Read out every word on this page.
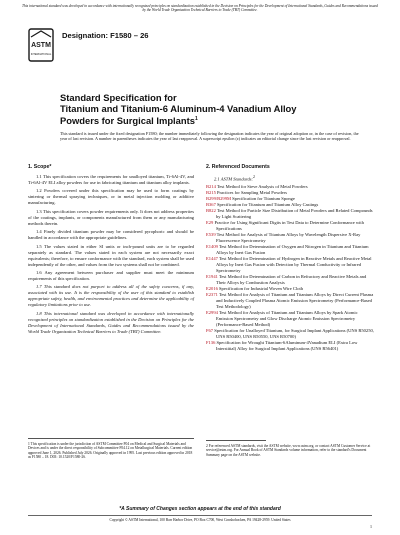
This international standard was developed in accordance with internationally recognized principles on standardization established in the Decision on Principles for the Development of International Standards, Guides and Recommendations issued by the World Trade Organization Technical Barriers to Trade (TBT) Committee.
ASTM
INTERNATIONAL
Designation: F1580 – 26
Standard Specification for
Titanium and Titanium-6 Aluminum-4 Vanadium Alloy
Powders for Surgical Implants$^1$
This standard is issued under the fixed designation F1580; the number immediately following the designation indicates the year of original adoption or, in the case of revision, the year of last revision. A number in parentheses indicates the year of last reapproval. A superscript epsilon (ε) indicates an editorial change since the last revision or reapproval.
1. Scope*

1.1 This specification covers the requirements for unalloyed titanium, Ti-6Al-4V, and Ti-6Al-4V ELI alloy powders for use in fabricating titanium and titanium alloy implants.

1.2 Powders covered under this specification may be used to form coatings by sintering or thermal spraying techniques, or in metal injection molding or additive manufacturing.

1.3 This specification covers powder requirements only. It does not address properties of the coatings, implants, or components manufactured from them or any manufacturing methods therein.

1.4 Finely divided titanium powder may be considered pyrophoric and should be handled in accordance with the appropriate guidelines.

1.5 The values stated in either SI units or inch-pound units are to be regarded separately as standard. The values stated in each system are not necessarily exact equivalents; therefore, to ensure conformance with the standard, each system shall be used independently of the other, and values from the two systems shall not be combined.

1.6 Any agreement between purchaser and supplier must meet the minimum requirements of this specification.

1.7 This standard does not purport to address all of the safety concerns, if any, associated with its use. It is the responsibility of the user of this standard to establish appropriate safety, health, and environmental practices and determine the applicability of regulatory limitations prior to use.

1.8 This international standard was developed in accordance with internationally recognized principles on standardization established in the Decision on Principles for the Development of International Standards, Guides and Recommendations issued by the World Trade Organization Technical Barriers to Trade (TBT) Committee.

2. Referenced Documents

2.1 ASTM Standards:$^2$

B214 Test Method for Sieve Analysis of Metal Powders

B215 Practices for Sampling Metal Powders

B299/B299M Specification for Titanium Sponge

B367 Specification for Titanium and Titanium Alloy Castings

B822 Test Method for Particle Size Distribution of Metal Powders and Related Compounds by Light Scattering

E29 Practice for Using Significant Digits in Test Data to Determine Conformance with Specifications

E539 Test Method for Analysis of Titanium Alloys by Wavelength Dispersive X-Ray Fluorescence Spectrometry

E1409 Test Method for Determination of Oxygen and Nitrogen in Titanium and Titanium Alloys by Inert Gas Fusion

E1447 Test Method for Determination of Hydrogen in Reactive Metals and Reactive Metal Alloys by Inert Gas Fusion with Detection by Thermal Conductivity or Infrared Spectrometry

E1941 Test Method for Determination of Carbon in Refractory and Reactive Metals and Their Alloys by Combustion Analysis

E2016 Specification for Industrial Woven Wire Cloth

E2371 Test Method for Analysis of Titanium and Titanium Alloys by Direct Current Plasma and Inductively Coupled Plasma Atomic Emission Spectrometry (Performance-Based Test Methodology)

E2994 Test Method for Analysis of Titanium and Titanium Alloys by Spark Atomic Emission Spectrometry and Glow Discharge Atomic Emission Spectrometry (Performance-Based Method)

F67 Specification for Unalloyed Titanium, for Surgical Implant Applications (UNS R50250, UNS R50400, UNS R50550, UNS R50700)

F136 Specification for Wrought Titanium-6Aluminum-4Vanadium ELI (Extra Low Interstitial) Alloy for Surgical Implant Applications (UNS R56401)

1 This specification is under the jurisdiction of ASTM Committee F04 on Medical and Surgical Materials and Devices and is under the direct responsibility of Subcommittee F04.12 on Metallurgical Materials. Current edition approved June 1, 2026. Published July 2026. Originally approved in 1995. Last previous edition approved in 2018 as F1580 – 18. DOI: 10.1520/F1580-26.
2 For referenced ASTM standards, visit the ASTM website, www.astm.org, or contact ASTM Customer Service at service@astm.org. For Annual Book of ASTM Standards volume information, refer to the standard's Document Summary page on the ASTM website.
*A Summary of Changes section appears at the end of this standard
Copyright © ASTM International, 100 Barr Harbor Drive, PO Box C700, West Conshohocken, PA 19428-2959. United States
1
